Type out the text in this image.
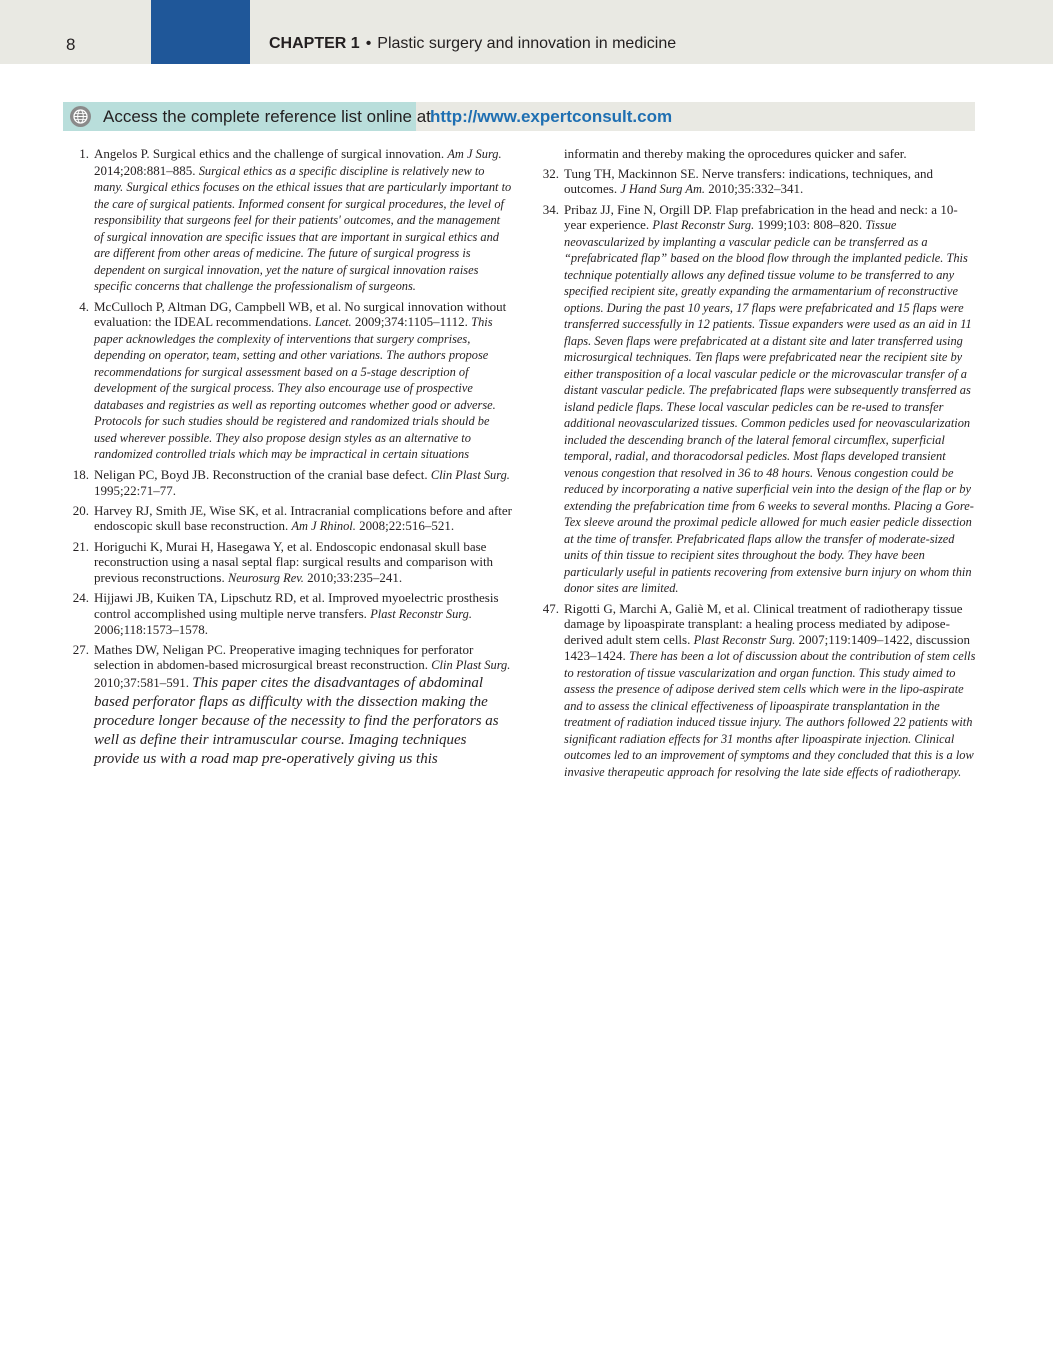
8	CHAPTER 1 • Plastic surgery and innovation in medicine
Access the complete reference list online at http://www.expertconsult.com
1. Angelos P. Surgical ethics and the challenge of surgical innovation. Am J Surg. 2014;208:881–885. Surgical ethics as a specific discipline is relatively new to many. Surgical ethics focuses on the ethical issues that are particularly important to the care of surgical patients. Informed consent for surgical procedures, the level of responsibility that surgeons feel for their patients' outcomes, and the management of surgical innovation are specific issues that are important in surgical ethics and are different from other areas of medicine. The future of surgical progress is dependent on surgical innovation, yet the nature of surgical innovation raises specific concerns that challenge the professionalism of surgeons.
4. McCulloch P, Altman DG, Campbell WB, et al. No surgical innovation without evaluation: the IDEAL recommendations. Lancet. 2009;374:1105–1112. This paper acknowledges the complexity of interventions that surgery comprises, depending on operator, team, setting and other variations. The authors propose recommendations for surgical assessment based on a 5-stage description of development of the surgical process. They also encourage use of prospective databases and registries as well as reporting outcomes whether good or adverse. Protocols for such studies should be registered and randomized trials should be used wherever possible. They also propose design styles as an alternative to randomized controlled trials which may be impractical in certain situations
18. Neligan PC, Boyd JB. Reconstruction of the cranial base defect. Clin Plast Surg. 1995;22:71–77.
20. Harvey RJ, Smith JE, Wise SK, et al. Intracranial complications before and after endoscopic skull base reconstruction. Am J Rhinol. 2008;22:516–521.
21. Horiguchi K, Murai H, Hasegawa Y, et al. Endoscopic endonasal skull base reconstruction using a nasal septal flap: surgical results and comparison with previous reconstructions. Neurosurg Rev. 2010;33:235–241.
24. Hijjawi JB, Kuiken TA, Lipschutz RD, et al. Improved myoelectric prosthesis control accomplished using multiple nerve transfers. Plast Reconstr Surg. 2006;118:1573–1578.
27. Mathes DW, Neligan PC. Preoperative imaging techniques for perforator selection in abdomen-based microsurgical breast reconstruction. Clin Plast Surg. 2010;37:581–591. This paper cites the disadvantages of abdominal based perforator flaps as difficulty with the dissection making the procedure longer because of the necessity to find the perforators as well as define their intramuscular course. Imaging techniques provide us with a road map pre-operatively giving us this
informatin and thereby making the oprocedures quicker and safer.
32. Tung TH, Mackinnon SE. Nerve transfers: indications, techniques, and outcomes. J Hand Surg Am. 2010;35:332–341.
34. Pribaz JJ, Fine N, Orgill DP. Flap prefabrication in the head and neck: a 10-year experience. Plast Reconstr Surg. 1999;103: 808–820. Tissue neovascularized by implanting a vascular pedicle can be transferred as a “prefabricated flap” based on the blood flow through the implanted pedicle. This technique potentially allows any defined tissue volume to be transferred to any specified recipient site, greatly expanding the armamentarium of reconstructive options. During the past 10 years, 17 flaps were prefabricated and 15 flaps were transferred successfully in 12 patients. Tissue expanders were used as an aid in 11 flaps. Seven flaps were prefabricated at a distant site and later transferred using microsurgical techniques. Ten flaps were prefabricated near the recipient site by either transposition of a local vascular pedicle or the microvascular transfer of a distant vascular pedicle. The prefabricated flaps were subsequently transferred as island pedicle flaps. These local vascular pedicles can be re-used to transfer additional neovascularized tissues. Common pedicles used for neovascularization included the descending branch of the lateral femoral circumflex, superficial temporal, radial, and thoracodorsal pedicles. Most flaps developed transient venous congestion that resolved in 36 to 48 hours. Venous congestion could be reduced by incorporating a native superficial vein into the design of the flap or by extending the prefabrication time from 6 weeks to several months. Placing a Gore-Tex sleeve around the proximal pedicle allowed for much easier pedicle dissection at the time of transfer. Prefabricated flaps allow the transfer of moderate-sized units of thin tissue to recipient sites throughout the body. They have been particularly useful in patients recovering from extensive burn injury on whom thin donor sites are limited.
47. Rigotti G, Marchi A, Galiè M, et al. Clinical treatment of radiotherapy tissue damage by lipoaspirate transplant: a healing process mediated by adipose-derived adult stem cells. Plast Reconstr Surg. 2007;119:1409–1422, discussion 1423–1424. There has been a lot of discussion about the contribution of stem cells to restoration of tissue vascularization and organ function. This study aimed to assess the presence of adipose derived stem cells which were in the lipo-aspirate and to assess the clinical effectiveness of lipoaspirate transplantation in the treatment of radiation induced tissue injury. The authors followed 22 patients with significant radiation effects for 31 months after lipoaspirate injection. Clinical outcomes led to an improvement of symptoms and they concluded that this is a low invasive therapeutic approach for resolving the late side effects of radiotherapy.
